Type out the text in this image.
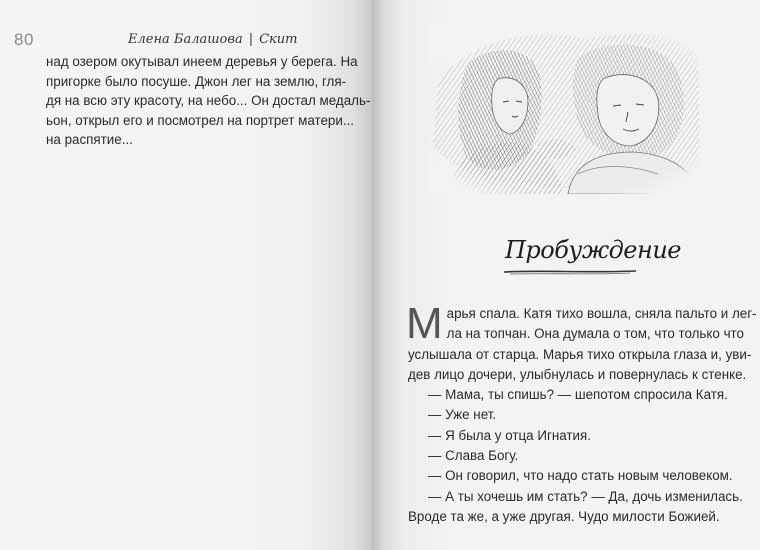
80	Елена Балашова | Скит

над озером окутывал инеем деревья у берега. На

пригорке было посуше. Джон лег на землю, гля-

дя на всю эту красоту, на небо... Он достал медаль-

ьон, открыл его и посмотрел на портрет матери...

на распятие...

Пробуждение
М арья спала. Катя тихо вошла, сняла пальто и лег-

ла на топчан. Она думала о том, что только что

услышала от старца. Марья тихо открыла глаза и, уви-

дев лицо дочери, улыбнулась и повернулась к стенке.

— Мама, ты спишь? — шепотом спросила Катя.

— Уже нет.

— Я была у отца Игнатия.

— Слава Богу.

— Он говорил, что надо стать новым человеком.

— А ты хочешь им стать? — Да, дочь изменилась.

Вроде та же, а уже другая. Чудо милости Божией.
